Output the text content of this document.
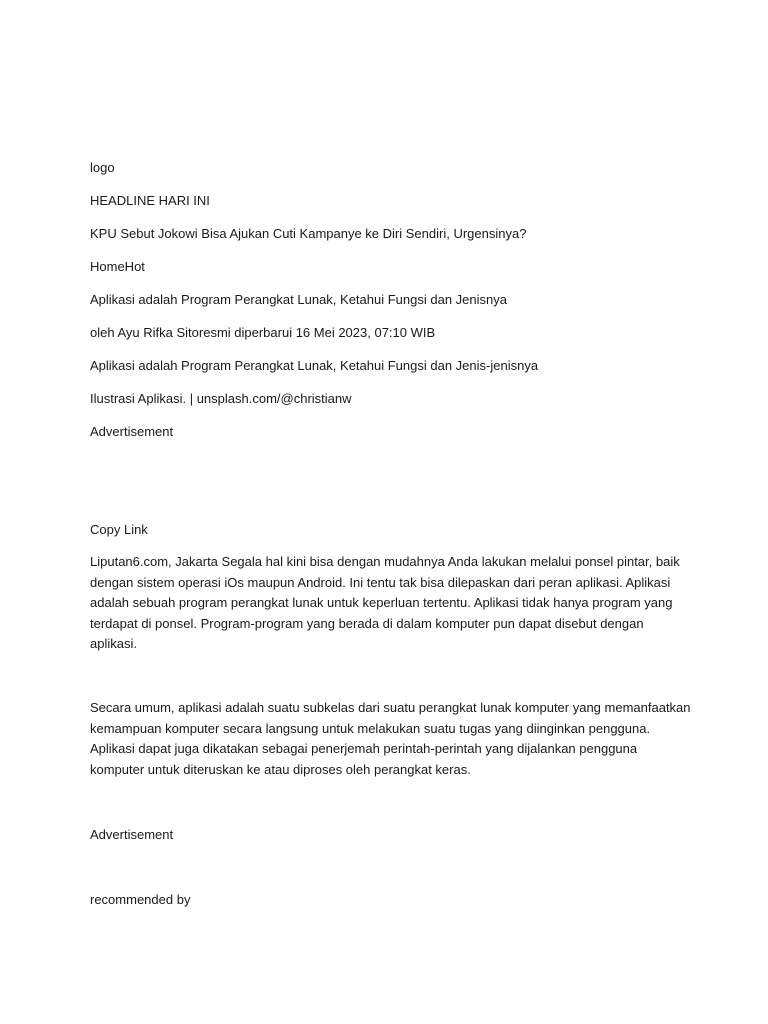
logo
HEADLINE HARI INI
KPU Sebut Jokowi Bisa Ajukan Cuti Kampanye ke Diri Sendiri, Urgensinya?
HomeHot
Aplikasi adalah Program Perangkat Lunak, Ketahui Fungsi dan Jenisnya
oleh Ayu Rifka Sitoresmi diperbarui 16 Mei 2023, 07:10 WIB
Aplikasi adalah Program Perangkat Lunak, Ketahui Fungsi dan Jenis-jenisnya
Ilustrasi Aplikasi. | unsplash.com/@christianw
Advertisement
Copy Link
Liputan6.com, Jakarta Segala hal kini bisa dengan mudahnya Anda lakukan melalui ponsel pintar, baik
dengan sistem operasi iOs maupun Android. Ini tentu tak bisa dilepaskan dari peran aplikasi. Aplikasi
adalah sebuah program perangkat lunak untuk keperluan tertentu. Aplikasi tidak hanya program yang
terdapat di ponsel. Program-program yang berada di dalam komputer pun dapat disebut dengan
aplikasi.
Secara umum, aplikasi adalah suatu subkelas dari suatu perangkat lunak komputer yang memanfaatkan
kemampuan komputer secara langsung untuk melakukan suatu tugas yang diinginkan pengguna.
Aplikasi dapat juga dikatakan sebagai penerjemah perintah-perintah yang dijalankan pengguna
komputer untuk diteruskan ke atau diproses oleh perangkat keras.
Advertisement
recommended by
